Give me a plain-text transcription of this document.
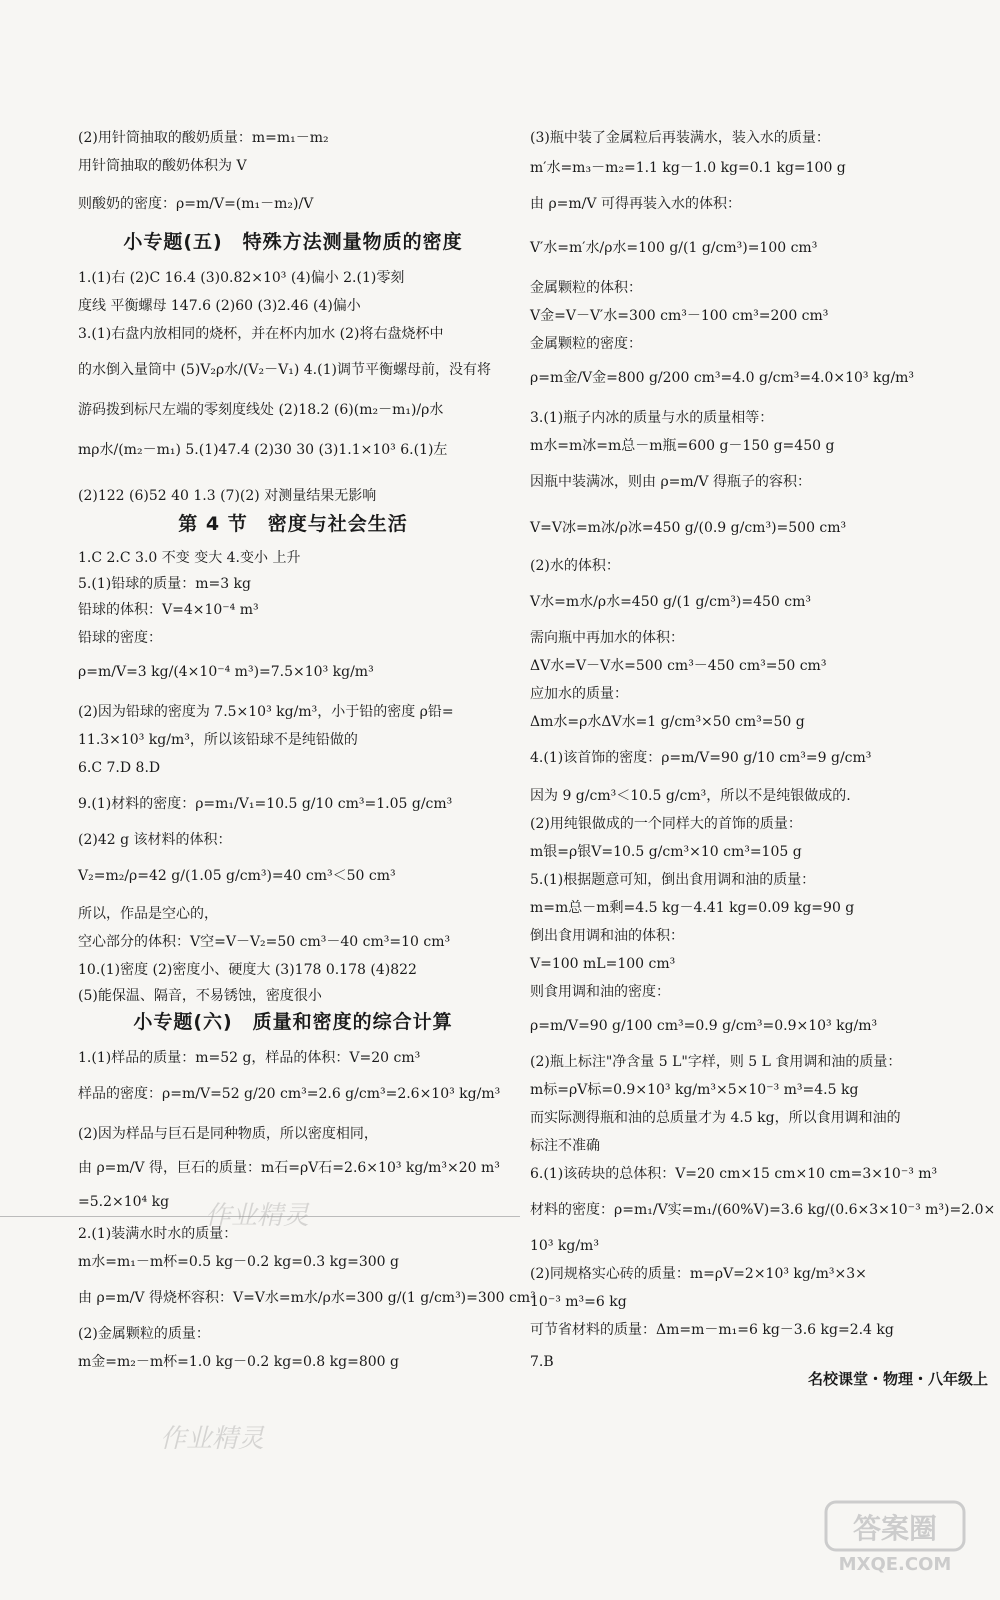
小专题(五)　特殊方法测量物质的密度
第 4 节　密度与社会生活
小专题(六)　质量和密度的综合计算
(2)用针筒抽取的酸奶质量：m=m₁－m₂
用针筒抽取的酸奶体积为 V
则酸奶的密度：ρ=m/V=(m₁－m₂)/V
1.(1)右 (2)C 16.4 (3)0.82×10³ (4)偏小 2.(1)零刻
度线 平衡螺母 147.6 (2)60 (3)2.46 (4)偏小
3.(1)右盘内放相同的烧杯，并在杯内加水 (2)将右盘烧杯中
的水倒入量筒中 (5)V₂ρ水/(V₂－V₁) 4.(1)调节平衡螺母前，没有将
游码拨到标尺左端的零刻度线处 (2)18.2 (6)(m₂－m₁)/ρ水
mρ水/(m₂－m₁) 5.(1)47.4 (2)30 30 (3)1.1×10³ 6.(1)左
(2)122 (6)52 40 1.3 (7)(2) 对测量结果无影响
1.C 2.C 3.0 不变 变大 4.变小 上升
5.(1)铅球的质量：m=3 kg
铅球的体积：V=4×10⁻⁴ m³
铅球的密度：
ρ=m/V=3 kg/(4×10⁻⁴ m³)=7.5×10³ kg/m³
(2)因为铅球的密度为 7.5×10³ kg/m³，小于铅的密度 ρ铅=
11.3×10³ kg/m³，所以该铅球不是纯铅做的
6.C 7.D 8.D
9.(1)材料的密度：ρ=m₁/V₁=10.5 g/10 cm³=1.05 g/cm³
(2)42 g 该材料的体积：
V₂=m₂/ρ=42 g/(1.05 g/cm³)=40 cm³＜50 cm³
所以，作品是空心的，
空心部分的体积：V空=V－V₂=50 cm³－40 cm³=10 cm³
10.(1)密度 (2)密度小、硬度大 (3)178 0.178 (4)822
(5)能保温、隔音，不易锈蚀，密度很小
1.(1)样品的质量：m=52 g，样品的体积：V=20 cm³
样品的密度：ρ=m/V=52 g/20 cm³=2.6 g/cm³=2.6×10³ kg/m³
(2)因为样品与巨石是同种物质，所以密度相同，
由 ρ=m/V 得，巨石的质量：m石=ρV石=2.6×10³ kg/m³×20 m³
=5.2×10⁴ kg
2.(1)装满水时水的质量：
m水=m₁－m杯=0.5 kg－0.2 kg=0.3 kg=300 g
由 ρ=m/V 得烧杯容积：V=V水=m水/ρ水=300 g/(1 g/cm³)=300 cm³
(2)金属颗粒的质量：
m金=m₂－m杯=1.0 kg－0.2 kg=0.8 kg=800 g
(3)瓶中装了金属粒后再装满水，装入水的质量：
m′水=m₃－m₂=1.1 kg－1.0 kg=0.1 kg=100 g
由 ρ=m/V 可得再装入水的体积：
V′水=m′水/ρ水=100 g/(1 g/cm³)=100 cm³
金属颗粒的体积：
V金=V－V′水=300 cm³－100 cm³=200 cm³
金属颗粒的密度：
ρ=m金/V金=800 g/200 cm³=4.0 g/cm³=4.0×10³ kg/m³
3.(1)瓶子内冰的质量与水的质量相等：
m水=m冰=m总－m瓶=600 g－150 g=450 g
因瓶中装满冰，则由 ρ=m/V 得瓶子的容积：
V=V冰=m冰/ρ冰=450 g/(0.9 g/cm³)=500 cm³
(2)水的体积：
V水=m水/ρ水=450 g/(1 g/cm³)=450 cm³
需向瓶中再加水的体积：
ΔV水=V－V水=500 cm³－450 cm³=50 cm³
应加水的质量：
Δm水=ρ水ΔV水=1 g/cm³×50 cm³=50 g
4.(1)该首饰的密度：ρ=m/V=90 g/10 cm³=9 g/cm³
因为 9 g/cm³＜10.5 g/cm³，所以不是纯银做成的.
(2)用纯银做成的一个同样大的首饰的质量：
m银=ρ银V=10.5 g/cm³×10 cm³=105 g
5.(1)根据题意可知，倒出食用调和油的质量：
m=m总－m剩=4.5 kg－4.41 kg=0.09 kg=90 g
倒出食用调和油的体积：
V=100 mL=100 cm³
则食用调和油的密度：
ρ=m/V=90 g/100 cm³=0.9 g/cm³=0.9×10³ kg/m³
(2)瓶上标注"净含量 5 L"字样，则 5 L 食用调和油的质量：
m标=ρV标=0.9×10³ kg/m³×5×10⁻³ m³=4.5 kg
而实际测得瓶和油的总质量才为 4.5 kg，所以食用调和油的
标注不准确
6.(1)该砖块的总体积：V=20 cm×15 cm×10 cm=3×10⁻³ m³
材料的密度：ρ=m₁/V实=m₁/(60%V)=3.6 kg/(0.6×3×10⁻³ m³)=2.0×
10³ kg/m³
(2)同规格实心砖的质量：m=ρV=2×10³ kg/m³×3×
10⁻³ m³=6 kg
可节省材料的质量：Δm=m－m₁=6 kg－3.6 kg=2.4 kg
7.B
作业精灵
作业精灵
名校课堂・物理・八年级上
答案圈
MXQE.COM
